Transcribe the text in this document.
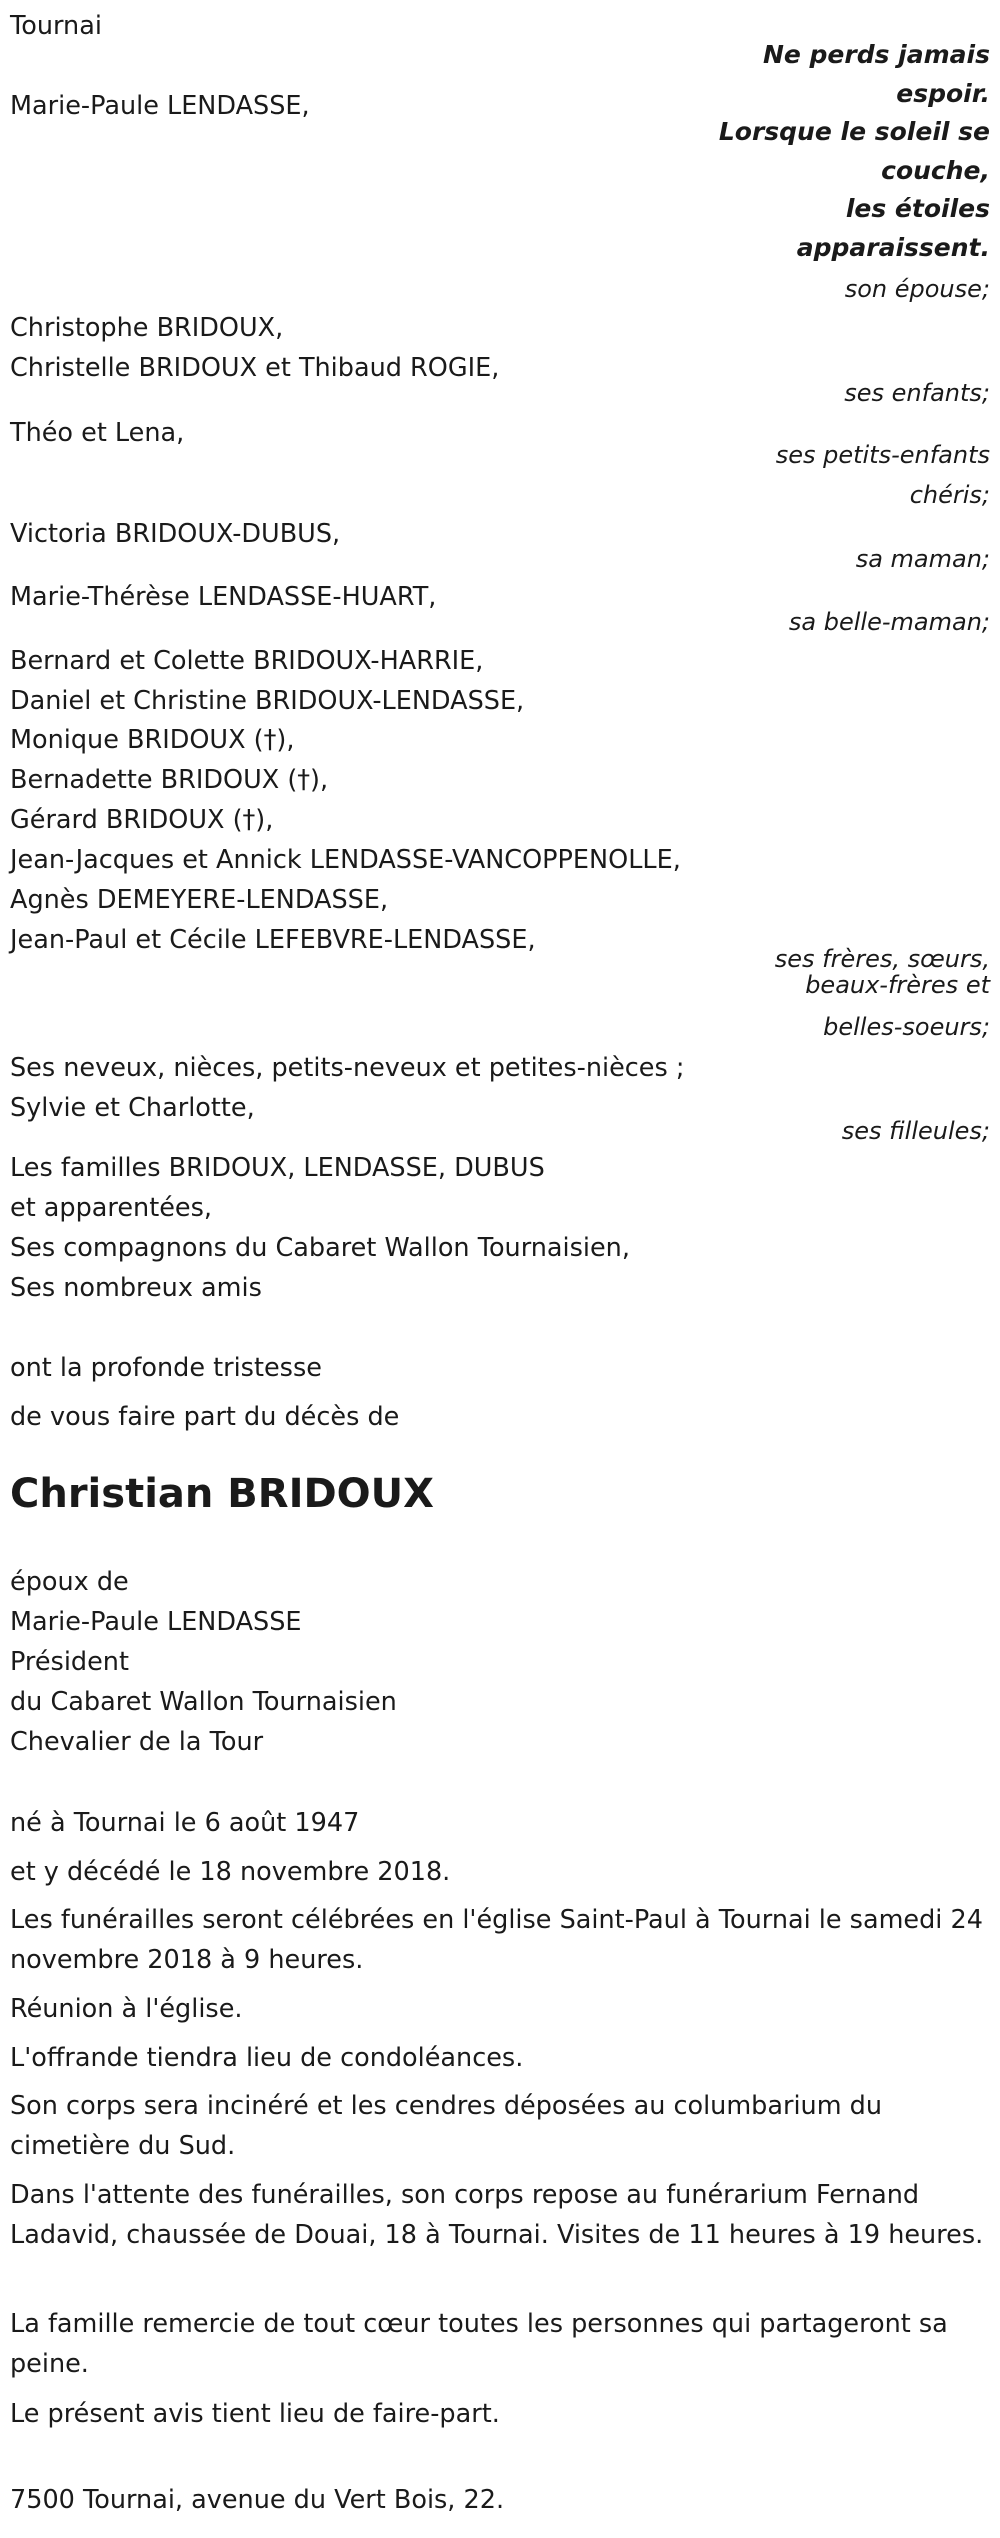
Tournai
Ne perds jamais
espoir.
Lorsque le soleil se
couche,
les étoiles
apparaissent.
Marie-Paule LENDASSE,
son épouse;
Christophe BRIDOUX,
Christelle BRIDOUX et Thibaud ROGIE,
ses enfants;
Théo et Lena,
ses petits-enfants
chéris;
Victoria BRIDOUX-DUBUS,
sa maman;
Marie-Thérèse LENDASSE-HUART,
sa belle-maman;
Bernard et Colette BRIDOUX-HARRIE,
Daniel et Christine BRIDOUX-LENDASSE,
Monique BRIDOUX (†),
Bernadette BRIDOUX (†),
Gérard BRIDOUX (†),
Jean-Jacques et Annick LENDASSE-VANCOPPENOLLE,
Agnès DEMEYERE-LENDASSE,
Jean-Paul et Cécile LEFEBVRE-LENDASSE,
ses frères, sœurs,
beaux-frères et
belles-soeurs;
Ses neveux, nièces, petits-neveux et petites-nièces ;
Sylvie et Charlotte,
ses filleules;
Les familles BRIDOUX, LENDASSE, DUBUS
et apparentées,
Ses compagnons du Cabaret Wallon Tournaisien,
Ses nombreux amis
ont la profonde tristesse
de vous faire part du décès de
Christian BRIDOUX
époux de
Marie-Paule LENDASSE
Président
du Cabaret Wallon Tournaisien
Chevalier de la Tour
né à Tournai le 6 août 1947
et y décédé le 18 novembre 2018.
Les funérailles seront célébrées en l'église Saint-Paul à Tournai le samedi 24 novembre 2018 à 9 heures.
Réunion à l'église.
L'offrande tiendra lieu de condoléances.
Son corps sera incinéré et les cendres déposées au columbarium du cimetière du Sud.
Dans l'attente des funérailles, son corps repose au funérarium Fernand Ladavid, chaussée de Douai, 18 à Tournai. Visites de 11 heures à 19 heures.
La famille remercie de tout cœur toutes les personnes qui partageront sa peine.
Le présent avis tient lieu de faire-part.
7500 Tournai, avenue du Vert Bois, 22.
